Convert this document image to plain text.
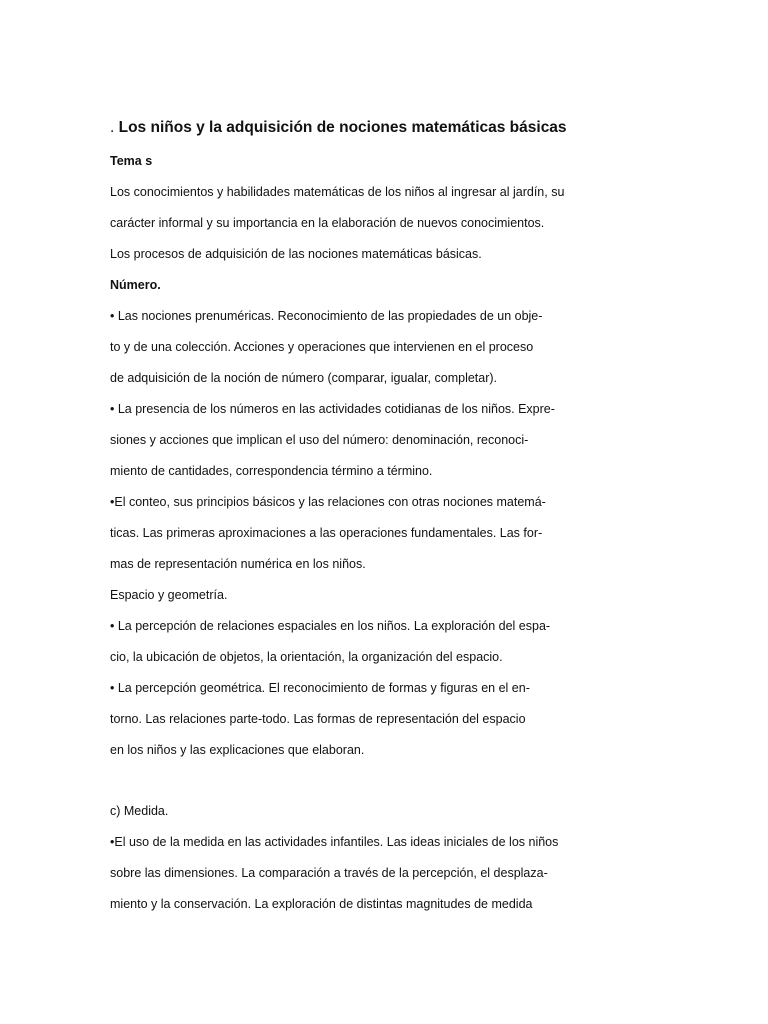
. Los niños y la adquisición de nociones matemáticas básicas
Tema s
Los conocimientos y habilidades matemáticas de los niños al ingresar al jardín, su
carácter informal y su importancia en la elaboración de nuevos conocimientos.
Los procesos de adquisición de las nociones matemáticas básicas.
Número.
• Las nociones prenuméricas. Reconocimiento de las propiedades de un obje-
to y de una colección. Acciones y operaciones que intervienen en el proceso
de adquisición de la noción de número (comparar, igualar, completar).
• La presencia de los números en las actividades cotidianas de los niños. Expre-
siones y acciones que implican el uso del número: denominación, reconoci-
miento de cantidades, correspondencia término a término.
•El conteo, sus principios básicos y las relaciones con otras nociones matemá-
ticas. Las primeras aproximaciones a las operaciones fundamentales. Las for-
mas de representación numérica en los niños.
Espacio y geometría.
• La percepción de relaciones espaciales en los niños. La exploración del espa-
cio, la ubicación de objetos, la orientación, la organización del espacio.
• La percepción geométrica. El reconocimiento de formas y figuras en el en-
torno. Las relaciones parte-todo. Las formas de representación del espacio
en los niños y las explicaciones que elaboran.
c) Medida.
•El uso de la medida en las actividades infantiles. Las ideas iniciales de los niños
sobre las dimensiones. La comparación a través de la percepción, el desplaza-
miento y la conservación. La exploración de distintas magnitudes de medida
